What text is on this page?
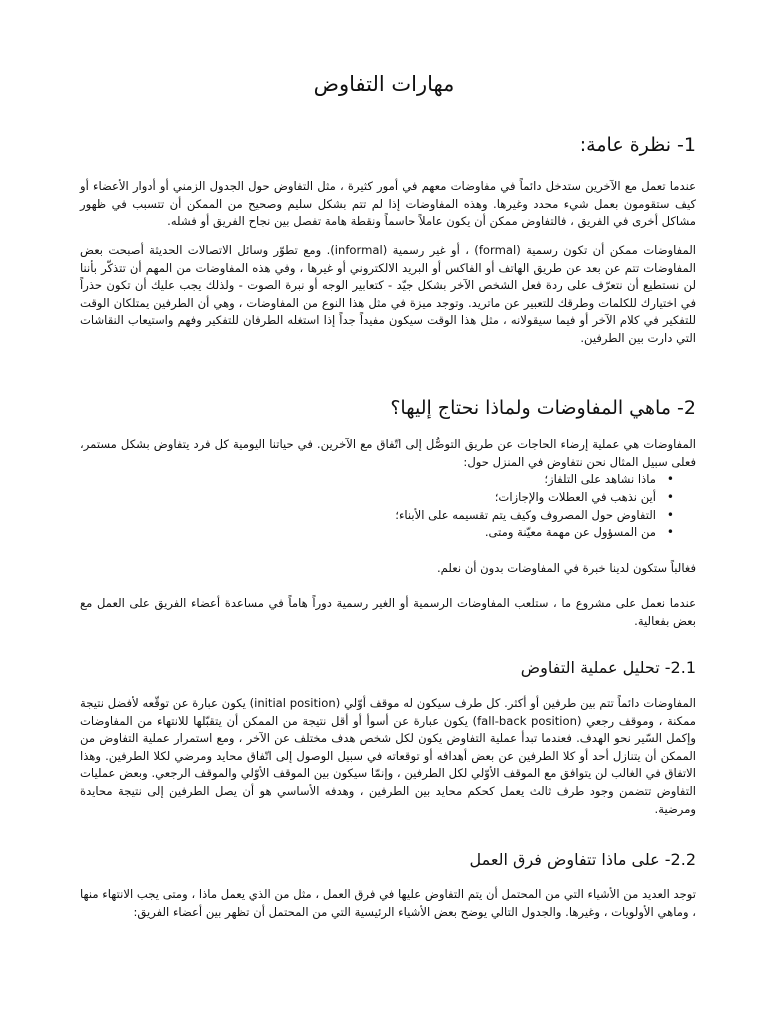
مهارات التفاوض
1- نظرة عامة:

عندما تعمل مع الآخرين ستدخل دائماً في مفاوضات معهم في أمور كثيرة ، مثل التفاوض حول الجدول الزمني أو أدوار الأعضاء أو كيف ستقومون بعمل شيء محدد وغيرها. وهذه المفاوضات إذا لم تتم بشكل سليم وصحيح من الممكن أن تتسبب في ظهور مشاكل أخرى في الفريق ، فالتفاوض ممكن أن يكون عاملاً حاسماً ونقطة هامة تفصل بين نجاح الفريق أو فشله.

المفاوضات ممكن أن تكون رسمية (formal) ، أو غير رسمية (informal). ومع تطوّر وسائل الاتصالات الحديثة أصبحت بعض المفاوضات تتم عن بعد عن طريق الهاتف أو الفاكس أو البريد الالكتروني أو غيرها ، وفي هذه المفاوضات من المهم أن تتذكّر بأننا لن نستطيع أن نتعرّف على ردة فعل الشخص الآخر بشكل جيّد - كتعابير الوجه أو نبرة الصوت - ولذلك يجب عليك أن تكون حذراً في اختيارك للكلمات وطرقك للتعبير عن ماتريد. وتوجد ميزة في مثل هذا النوع من المفاوضات ، وهي أن الطرفين يمتلكان الوقت للتفكير في كلام الآخر أو فيما سيقولانه ، مثل هذا الوقت سيكون مفيداً جداً إذا استغله الطرفان للتفكير وفهم واستيعاب النقاشات التي دارت بين الطرفين.

2- ماهي المفاوضات ولماذا نحتاج إليها؟

المفاوضات هي عملية إرضاء الحاجات عن طريق التوصُّل إلى اتّفاق مع الآخرين. في حياتنا اليومية كل فرد يتفاوض بشكل مستمر، فعلى سبيل المثال نحن نتفاوض في المنزل حول:

• ماذا نشاهد على التلفاز؛
• أين نذهب في العطلات والإجازات؛
• التفاوض حول المصروف وكيف يتم تقسيمه على الأبناء؛
• من المسؤول عن مهمة معيّنة ومتى.

فغالباً ستكون لدينا خبرة في المفاوضات بدون أن نعلم.

عندما نعمل على مشروع ما ، ستلعب المفاوضات الرسمية أو الغير رسمية دوراً هاماً في مساعدة أعضاء الفريق على العمل مع بعض بفعالية.

2.1- تحليل عملية التفاوض

المفاوضات دائماً تتم بين طرفين أو أكثر. كل طرف سيكون له موقف أوّلي (initial position) يكون عبارة عن توقّعه لأفضل نتيجة ممكنة ، وموقف رجعي (fall-back position) يكون عبارة عن أسوأ أو أقل نتيجة من الممكن أن يتقبّلها للانتهاء من المفاوضات وإكمل السّير نحو الهدف. فعندما تبدأ عملية التفاوض يكون لكل شخص هدف مختلف عن الآخر ، ومع استمرار عملية التفاوض من الممكن أن يتنازل أحد أو كلا الطرفين عن بعض أهدافه أو توقعاته في سبيل الوصول إلى اتّفاق محايد ومرضي لكلا الطرفين. وهذا الاتفاق في الغالب لن يتوافق مع الموقف الأوّلي لكل الطرفين ، وإنمّا سيكون بين الموقف الأوّلي والموقف الرجعي. وبعض عمليات التفاوض تتضمن وجود طرف ثالث يعمل كحكم محايد بين الطرفين ، وهدفه الأساسي هو أن يصل الطرفين إلى نتيجة محايدة ومرضية.

2.2- على ماذا تتفاوض فرق العمل

توجد العديد من الأشياء التي من المحتمل أن يتم التفاوض عليها في فرق العمل ، مثل من الذي يعمل ماذا ، ومتى يجب الانتهاء منها ، وماهي الأولويات ، وغيرها. والجدول التالي يوضح بعض الأشياء الرئيسية التي من المحتمل أن تظهر بين أعضاء الفريق:
